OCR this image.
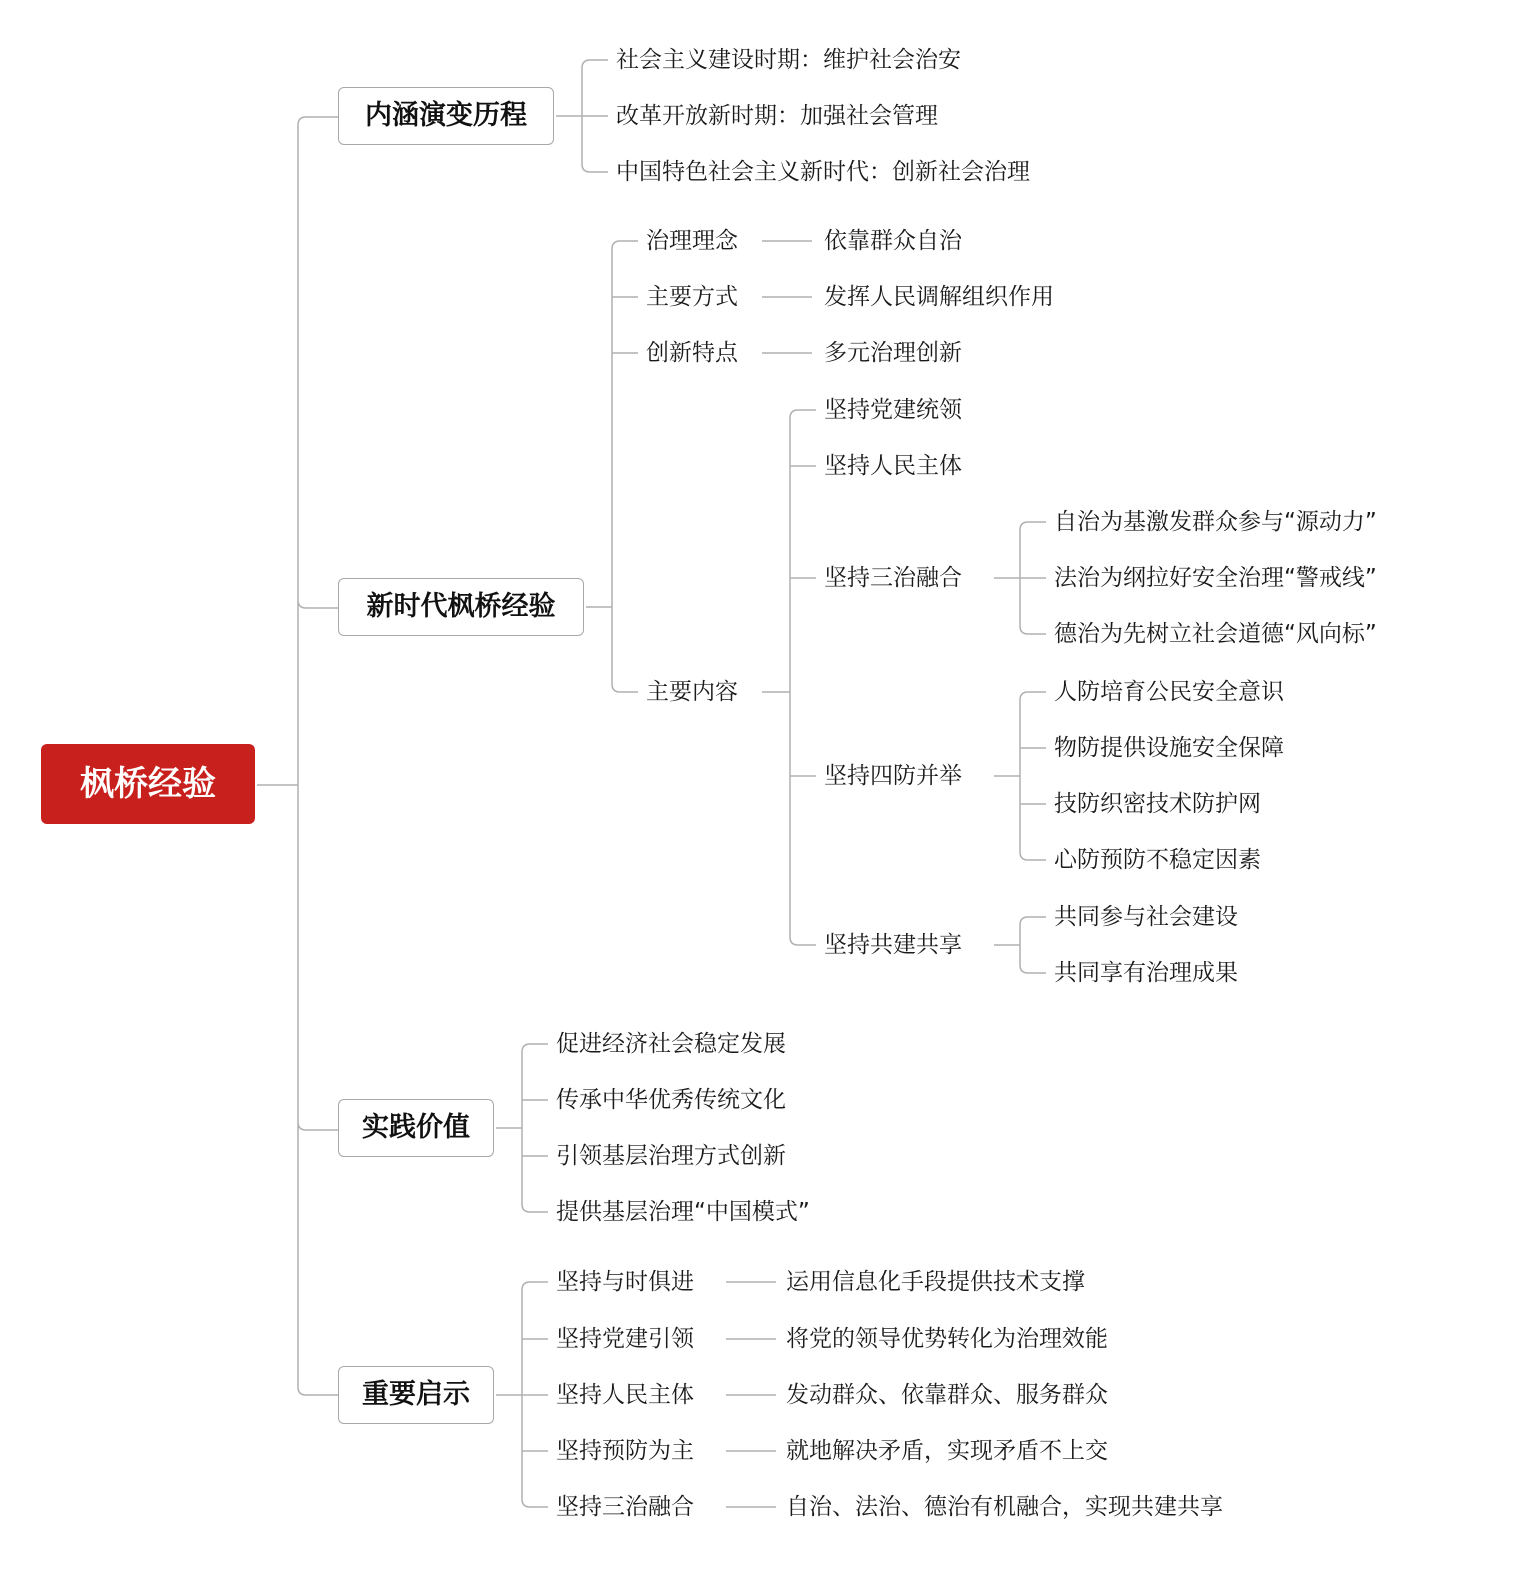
枫桥经验
内涵演变历程
社会主义建设时期：维护社会治安
改革开放新时期：加强社会管理
中国特色社会主义新时代：创新社会治理
新时代枫桥经验
治理理念	依靠群众自治
主要方式	发挥人民调解组织作用
创新特点	多元治理创新
主要内容
坚持党建统领
坚持人民主体
坚持三治融合
坚持四防并举
坚持共建共享
自治为基激发群众参与“源动力”
法治为纲拉好安全治理“警戒线”
德治为先树立社会道德“风向标”
人防培育公民安全意识
物防提供设施安全保障
技防织密技术防护网
心防预防不稳定因素
共同参与社会建设
共同享有治理成果
实践价值
促进经济社会稳定发展
传承中华优秀传统文化
引领基层治理方式创新
提供基层治理“中国模式”
重要启示
坚持与时俱进	运用信息化手段提供技术支撑
坚持党建引领	将党的领导优势转化为治理效能
坚持人民主体	发动群众、依靠群众、服务群众
坚持预防为主	就地解决矛盾，实现矛盾不上交
坚持三治融合	自治、法治、德治有机融合，实现共建共享
